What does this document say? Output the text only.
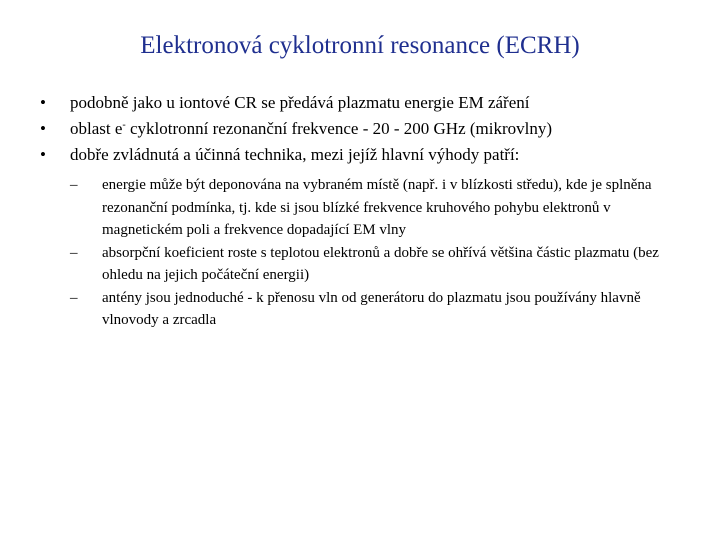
Elektronová cyklotronní resonance (ECRH)
• podobně jako u iontové CR se předává plazmatu energie EM záření
• oblast e- cyklotronní rezonanční frekvence - 20 - 200 GHz (mikrovlny)
• dobře zvládnutá a účinná technika, mezi jejíž hlavní výhody patří:
– energie může být deponována na vybraném místě (např. i v blízkosti středu), kde je splněna rezonanční podmínka, tj. kde si jsou blízké frekvence kruhového pohybu elektronů v magnetickém poli a frekvence dopadající EM vlny
– absorpční koeficient roste s teplotou elektronů a dobře se ohřívá většina částic plazmatu (bez ohledu na jejich počáteční energii)
– antény jsou jednoduché - k přenosu vln od generátoru do plazmatu jsou používány hlavně vlnovody a zrcadla
